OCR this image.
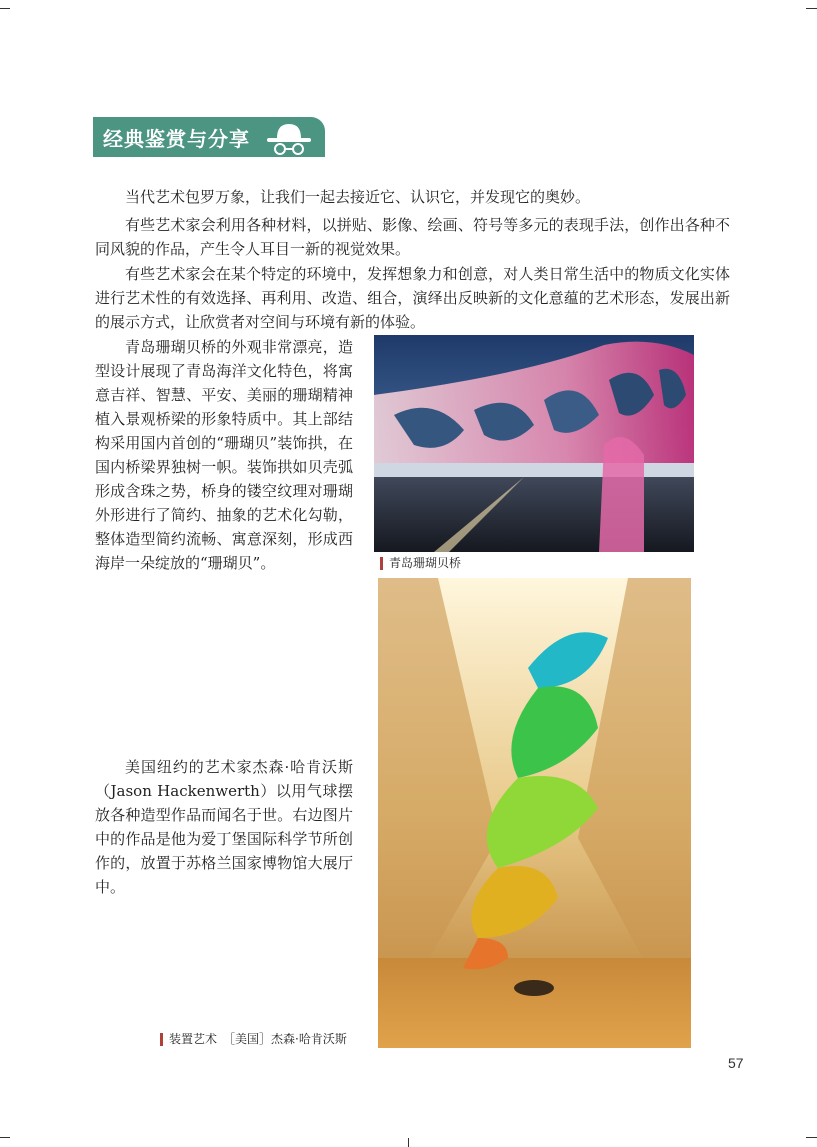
经典鉴赏与分享

当代艺术包罗万象，让我们一起去接近它、认识它，并发现它的奥妙。

有些艺术家会利用各种材料，以拼贴、影像、绘画、符号等多元的表现手法，创作出各种不同风貌的作品，产生令人耳目一新的视觉效果。

有些艺术家会在某个特定的环境中，发挥想象力和创意，对人类日常生活中的物质文化实体进行艺术性的有效选择、再利用、改造、组合，演绎出反映新的文化意蕴的艺术形态，发展出新的展示方式，让欣赏者对空间与环境有新的体验。

青岛珊瑚贝桥的外观非常漂亮，造型设计展现了青岛海洋文化特色，将寓意吉祥、智慧、平安、美丽的珊瑚精神植入景观桥梁的形象特质中。其上部结构采用国内首创的“珊瑚贝”装饰拱，在国内桥梁界独树一帜。装饰拱如贝壳弧形成含珠之势，桥身的镂空纹理对珊瑚外形进行了简约、抽象的艺术化勾勒，整体造型简约流畅、寓意深刻，形成西海岸一朵绽放的“珊瑚贝”。	青岛珊瑚贝桥

美国纽约的艺术家杰森·哈肯沃斯（Jason Hackenwerth）以用气球摆放各种造型作品而闻名于世。右边图片中的作品是他为爱丁堡国际科学节所创作的，放置于苏格兰国家博物馆大展厅中。

装置艺术　［美国］杰森·哈肯沃斯
57
